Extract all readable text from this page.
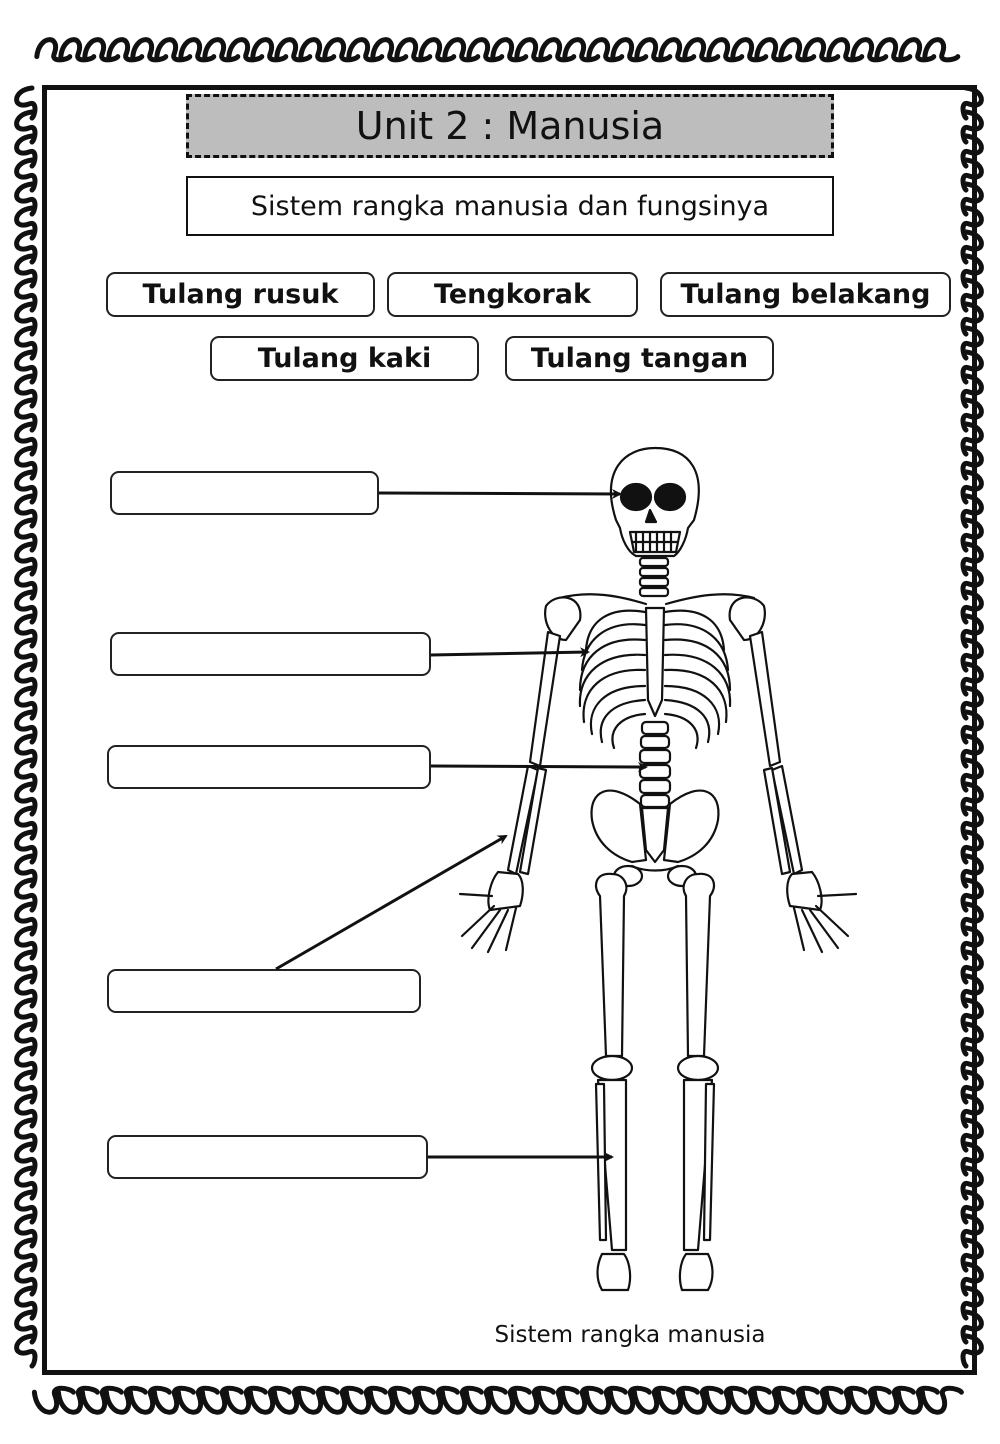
Unit 2 : Manusia
Sistem rangka manusia dan fungsinya
Tulang rusuk	Tengkorak	Tulang belakang
Tulang kaki	Tulang tangan
Sistem rangka manusia
